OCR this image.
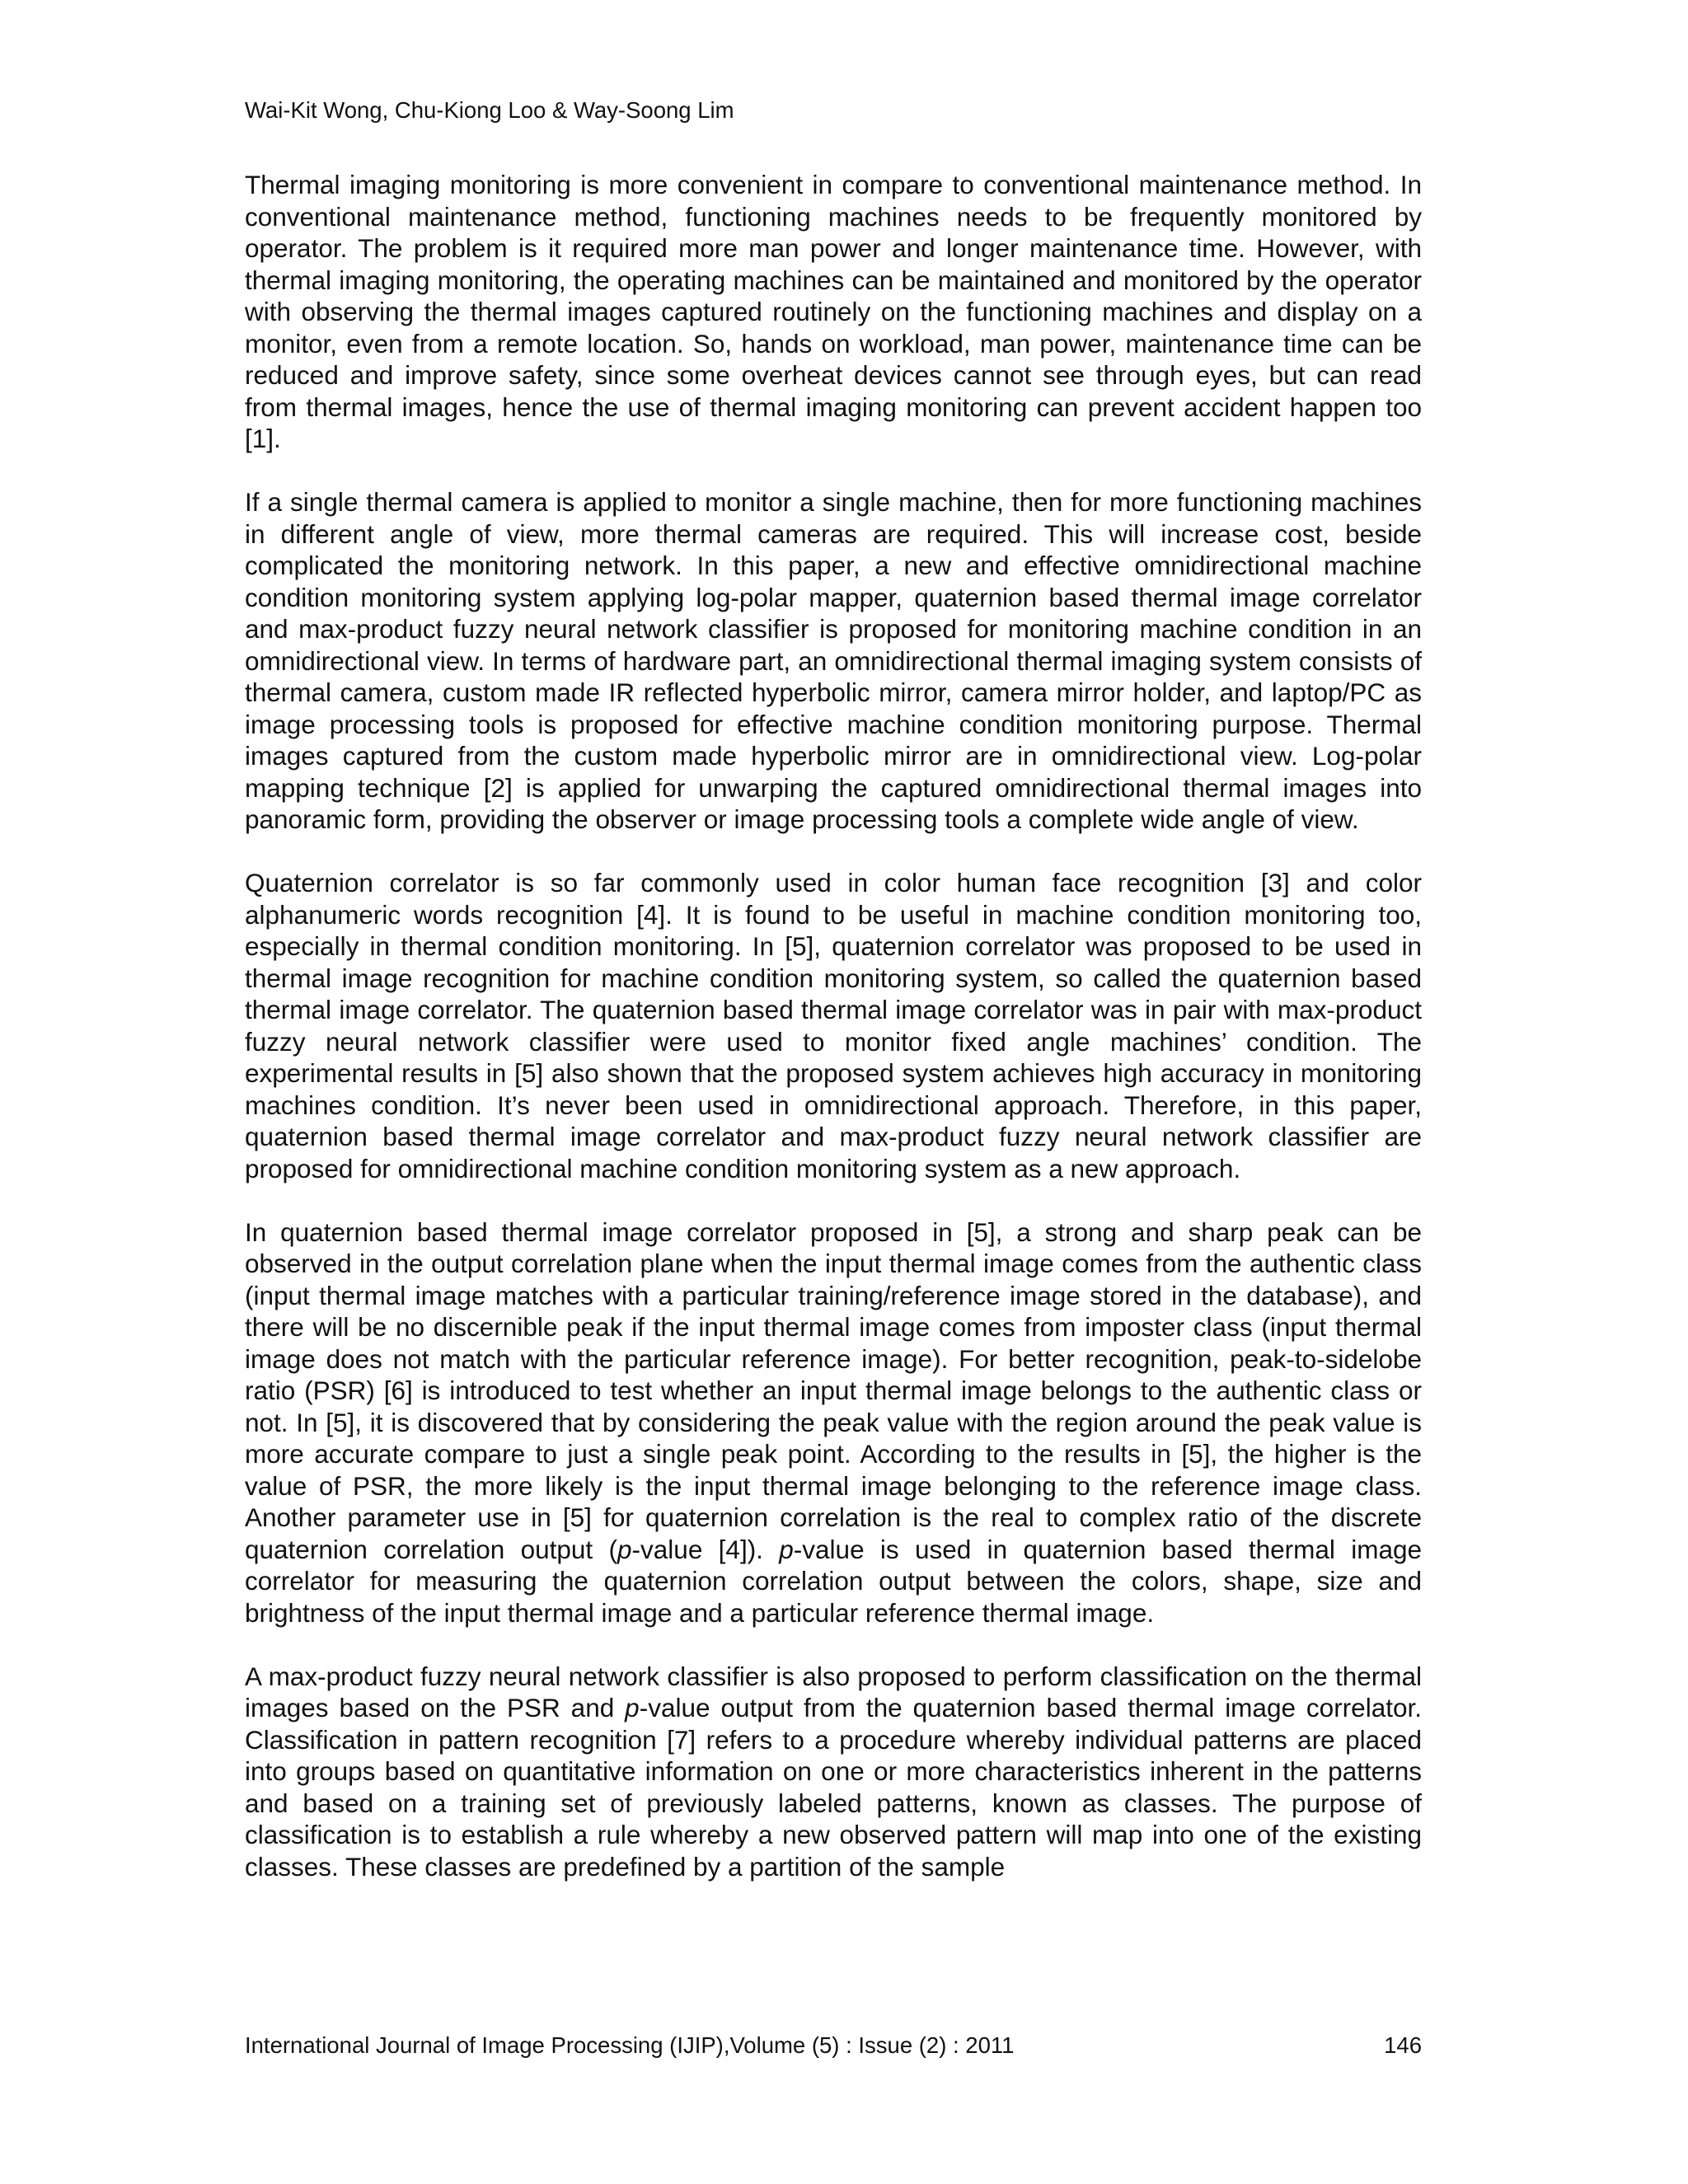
Wai-Kit Wong, Chu-Kiong Loo & Way-Soong Lim

Thermal imaging monitoring is more convenient in compare to conventional maintenance method. In conventional maintenance method, functioning machines needs to be frequently monitored by operator. The problem is it required more man power and longer maintenance time. However, with thermal imaging monitoring, the operating machines can be maintained and monitored by the operator with observing the thermal images captured routinely on the functioning machines and display on a monitor, even from a remote location. So, hands on workload, man power, maintenance time can be reduced and improve safety, since some overheat devices cannot see through eyes, but can read from thermal images, hence the use of thermal imaging monitoring can prevent accident happen too [1].

If a single thermal camera is applied to monitor a single machine, then for more functioning machines in different angle of view, more thermal cameras are required. This will increase cost, beside complicated the monitoring network. In this paper, a new and effective omnidirectional machine condition monitoring system applying log-polar mapper, quaternion based thermal image correlator and max-product fuzzy neural network classifier is proposed for monitoring machine condition in an omnidirectional view. In terms of hardware part, an omnidirectional thermal imaging system consists of thermal camera, custom made IR reflected hyperbolic mirror, camera mirror holder, and laptop/PC as image processing tools is proposed for effective machine condition monitoring purpose. Thermal images captured from the custom made hyperbolic mirror are in omnidirectional view. Log-polar mapping technique [2] is applied for unwarping the captured omnidirectional thermal images into panoramic form, providing the observer or image processing tools a complete wide angle of view.

Quaternion correlator is so far commonly used in color human face recognition [3] and color alphanumeric words recognition [4]. It is found to be useful in machine condition monitoring too, especially in thermal condition monitoring. In [5], quaternion correlator was proposed to be used in thermal image recognition for machine condition monitoring system, so called the quaternion based thermal image correlator. The quaternion based thermal image correlator was in pair with max-product fuzzy neural network classifier were used to monitor fixed angle machines’ condition. The experimental results in [5] also shown that the proposed system achieves high accuracy in monitoring machines condition. It’s never been used in omnidirectional approach. Therefore, in this paper, quaternion based thermal image correlator and max-product fuzzy neural network classifier are proposed for omnidirectional machine condition monitoring system as a new approach.

In quaternion based thermal image correlator proposed in [5], a strong and sharp peak can be observed in the output correlation plane when the input thermal image comes from the authentic class (input thermal image matches with a particular training/reference image stored in the database), and there will be no discernible peak if the input thermal image comes from imposter class (input thermal image does not match with the particular reference image). For better recognition, peak-to-sidelobe ratio (PSR) [6] is introduced to test whether an input thermal image belongs to the authentic class or not. In [5], it is discovered that by considering the peak value with the region around the peak value is more accurate compare to just a single peak point. According to the results in [5], the higher is the value of PSR, the more likely is the input thermal image belonging to the reference image class. Another parameter use in [5] for quaternion correlation is the real to complex ratio of the discrete quaternion correlation output (p-value [4]). p-value is used in quaternion based thermal image correlator for measuring the quaternion correlation output between the colors, shape, size and brightness of the input thermal image and a particular reference thermal image.

A max-product fuzzy neural network classifier is also proposed to perform classification on the thermal images based on the PSR and p-value output from the quaternion based thermal image correlator. Classification in pattern recognition [7] refers to a procedure whereby individual patterns are placed into groups based on quantitative information on one or more characteristics inherent in the patterns and based on a training set of previously labeled patterns, known as classes. The purpose of classification is to establish a rule whereby a new observed pattern will map into one of the existing classes. These classes are predefined by a partition of the sample

International Journal of Image Processing (IJIP),Volume (5) : Issue (2) : 2011	146
